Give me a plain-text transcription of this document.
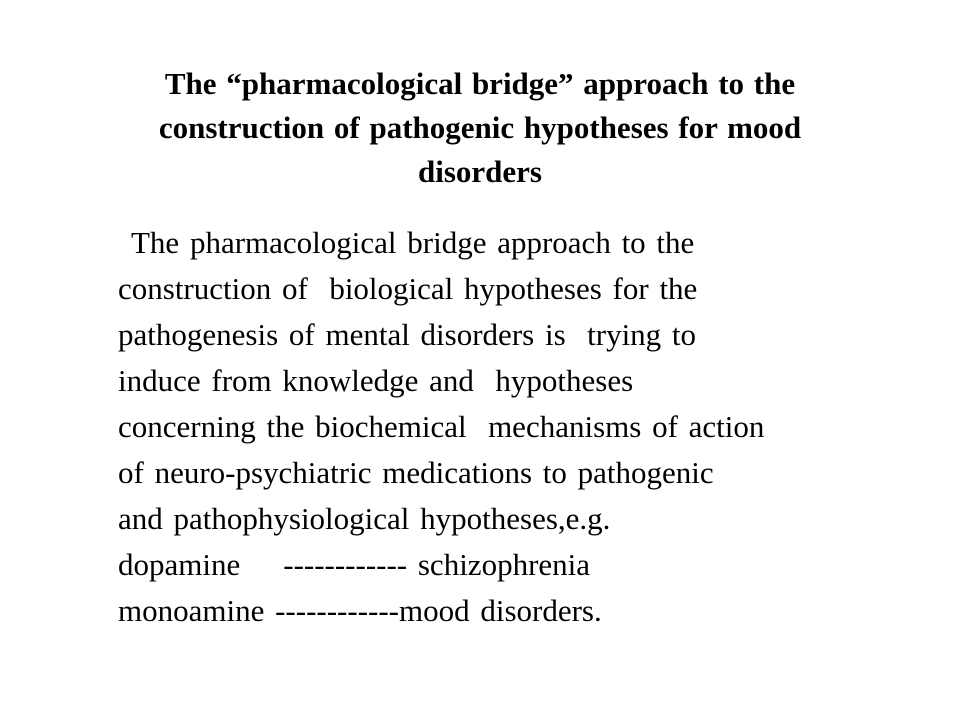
The “pharmacological bridge” approach to the
construction of pathogenic hypotheses for mood
disorders
The pharmacological bridge approach to the
construction of  biological hypotheses for the
pathogenesis of mental disorders is  trying to
induce from knowledge and  hypotheses
concerning the biochemical  mechanisms of action
of neuro-psychiatric medications to pathogenic
and pathophysiological hypotheses,e.g.
dopamine    ------------ schizophrenia
monoamine ------------mood disorders.
